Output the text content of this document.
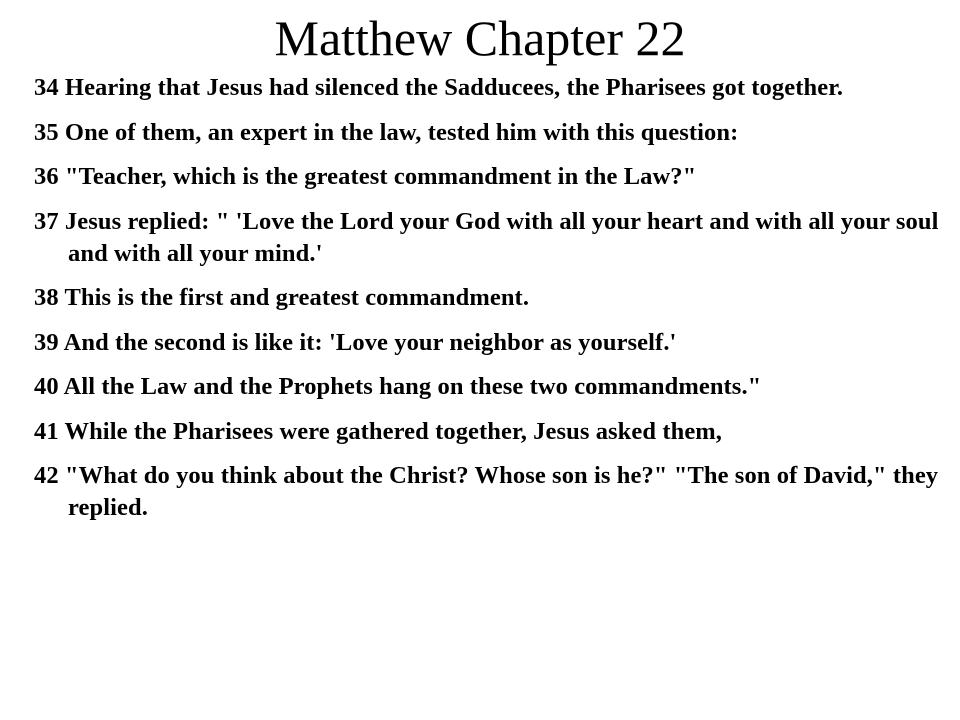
Matthew Chapter 22
34 Hearing that Jesus had silenced the Sadducees, the Pharisees got together.
35 One of them, an expert in the law, tested him with this question:
36 "Teacher, which is the greatest commandment in the Law?"
37 Jesus replied: " 'Love the Lord your God with all your heart and with all your soul and with all your mind.'
38 This is the first and greatest commandment.
39 And the second is like it: 'Love your neighbor as yourself.'
40 All the Law and the Prophets hang on these two commandments."
41 While the Pharisees were gathered together, Jesus asked them,
42 "What do you think about the Christ? Whose son is he?" "The son of David," they replied.
